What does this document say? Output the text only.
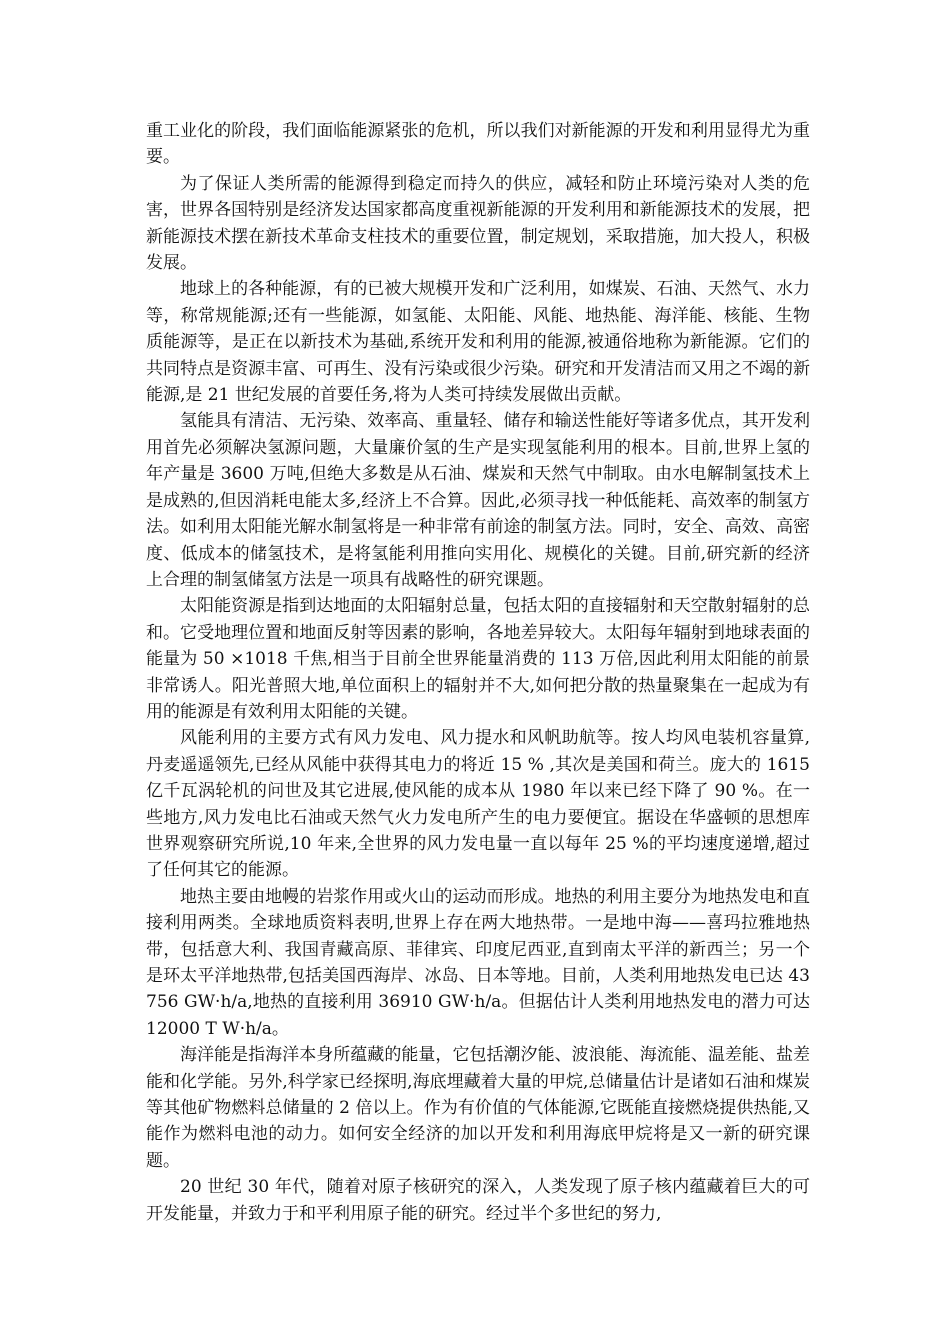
重工业化的阶段，我们面临能源紧张的危机，所以我们对新能源的开发和利用显得尤为重要。

为了保证人类所需的能源得到稳定而持久的供应，减轻和防止环境污染对人类的危害，世界各国特别是经济发达国家都高度重视新能源的开发利用和新能源技术的发展，把新能源技术摆在新技术革命支柱技术的重要位置，制定规划，采取措施，加大投人，积极发展。

地球上的各种能源，有的已被大规模开发和广泛利用，如煤炭、石油、天然气、水力等，称常规能源;还有一些能源，如氢能、太阳能、风能、地热能、海洋能、核能、生物质能源等，是正在以新技术为基础,系统开发和利用的能源,被通俗地称为新能源。它们的共同特点是资源丰富、可再生、没有污染或很少污染。研究和开发清洁而又用之不竭的新能源,是 21 世纪发展的首要任务,将为人类可持续发展做出贡献。

氢能具有清洁、无污染、效率高、重量轻、储存和输送性能好等诸多优点，其开发利用首先必须解决氢源问题，大量廉价氢的生产是实现氢能利用的根本。目前,世界上氢的年产量是 3600 万吨,但绝大多数是从石油、煤炭和天然气中制取。由水电解制氢技术上是成熟的,但因消耗电能太多,经济上不合算。因此,必须寻找一种低能耗、高效率的制氢方法。如利用太阳能光解水制氢将是一种非常有前途的制氢方法。同时，安全、高效、高密度、低成本的储氢技术，是将氢能利用推向实用化、规模化的关键。目前,研究新的经济上合理的制氢储氢方法是一项具有战略性的研究课题。

太阳能资源是指到达地面的太阳辐射总量，包括太阳的直接辐射和天空散射辐射的总和。它受地理位置和地面反射等因素的影响，各地差异较大。太阳每年辐射到地球表面的能量为 50 ×1018 千焦,相当于目前全世界能量消费的 113 万倍,因此利用太阳能的前景非常诱人。阳光普照大地,单位面积上的辐射并不大,如何把分散的热量聚集在一起成为有用的能源是有效利用太阳能的关键。

风能利用的主要方式有风力发电、风力提水和风帆助航等。按人均风电装机容量算,丹麦遥遥领先,已经从风能中获得其电力的将近 15 % ,其次是美国和荷兰。庞大的 1615 亿千瓦涡轮机的问世及其它进展,使风能的成本从 1980 年以来已经下降了 90 %。在一些地方,风力发电比石油或天然气火力发电所产生的电力要便宜。据设在华盛顿的思想库世界观察研究所说,10 年来,全世界的风力发电量一直以每年 25 %的平均速度递增,超过了任何其它的能源。

地热主要由地幔的岩浆作用或火山的运动而形成。地热的利用主要分为地热发电和直接利用两类。全球地质资料表明,世界上存在两大地热带。一是地中海——喜玛拉雅地热带，包括意大利、我国青藏高原、菲律宾、印度尼西亚,直到南太平洋的新西兰；另一个是环太平洋地热带,包括美国西海岸、冰岛、日本等地。目前，人类利用地热发电已达 43756 GW·h/a,地热的直接利用 36910 GW·h/a。但据估计人类利用地热发电的潜力可达 12000 T W·h/a。

海洋能是指海洋本身所蕴藏的能量，它包括潮汐能、波浪能、海流能、温差能、盐差能和化学能。另外,科学家已经探明,海底埋藏着大量的甲烷,总储量估计是诸如石油和煤炭等其他矿物燃料总储量的 2 倍以上。作为有价值的气体能源,它既能直接燃烧提供热能,又能作为燃料电池的动力。如何安全经济的加以开发和利用海底甲烷将是又一新的研究课题。

20 世纪 30 年代，随着对原子核研究的深入，人类发现了原子核内蕴藏着巨大的可开发能量，并致力于和平利用原子能的研究。经过半个多世纪的努力,
